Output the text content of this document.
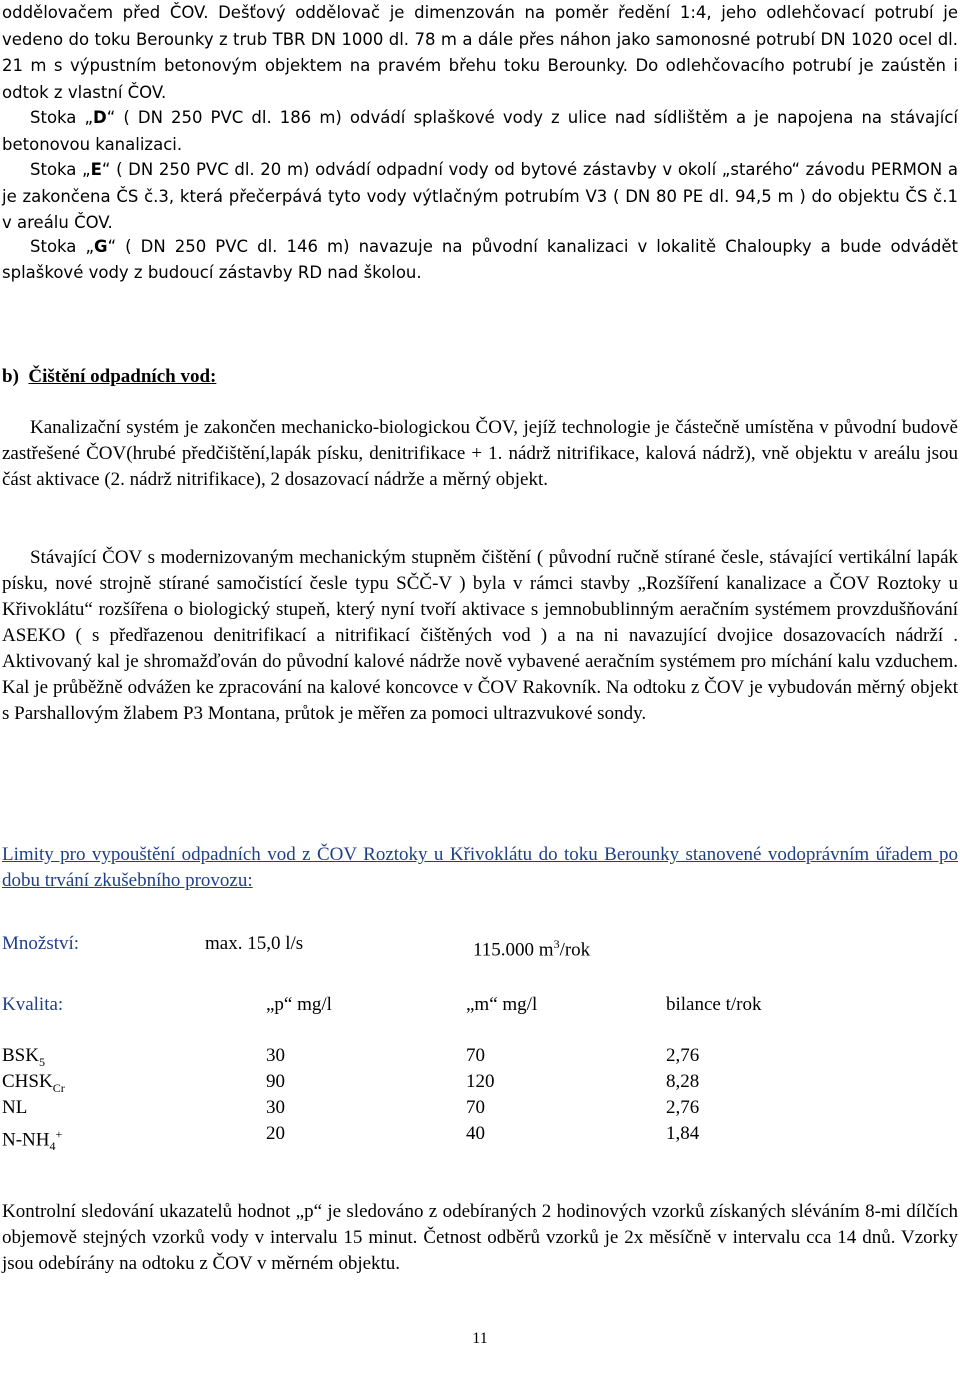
oddělovačem před ČOV. Dešťový oddělovač je dimenzován na poměr ředění 1:4, jeho odlehčovací potrubí je vedeno do toku Berounky z trub TBR DN 1000 dl. 78 m a dále přes náhon jako samonosné potrubí DN 1020 ocel dl. 21 m s výpustním betonovým objektem na pravém břehu toku Berounky. Do odlehčovacího potrubí je zaústěn i odtok z vlastní ČOV.

Stoka „D“ ( DN 250 PVC dl. 186 m) odvádí splaškové vody z ulice nad sídlištěm a je napojena na stávající betonovou kanalizaci.

Stoka „E“ ( DN 250 PVC dl. 20 m) odvádí odpadní vody od bytové zástavby v okolí „starého“ závodu PERMON a je zakončena ČS č.3, která přečerpává tyto vody výtlačným potrubím V3 ( DN 80 PE dl. 94,5 m ) do objektu ČS č.1 v areálu ČOV.

Stoka „G“ ( DN 250 PVC dl. 146 m) navazuje na původní kanalizaci v lokalitě Chaloupky a bude odvádět splaškové vody z budoucí zástavby RD nad školou.

b) Čištění odpadních vod:

Kanalizační systém je zakončen mechanicko-biologickou ČOV, jejíž technologie je částečně umístěna v původní budově zastřešené ČOV(hrubé předčištění,lapák písku, denitrifikace + 1. nádrž nitrifikace, kalová nádrž), vně objektu v areálu jsou část aktivace (2. nádrž nitrifikace), 2 dosazovací nádrže a měrný objekt.

Stávající ČOV s modernizovaným mechanickým stupněm čištění ( původní ručně stírané česle, stávající vertikální lapák písku, nové strojně stírané samočistící česle typu SČČ-V ) byla v rámci stavby „Rozšíření kanalizace a ČOV Roztoky u Křivoklátu“ rozšířena o biologický stupeň, který nyní tvoří aktivace s jemnobublinným aeračním systémem provzdušňování ASEKO ( s předřazenou denitrifikací a nitrifikací čištěných vod ) a na ni navazující dvojice dosazovacích nádrží . Aktivovaný kal je shromažďován do původní kalové nádrže nově vybavené aeračním systémem pro míchání kalu vzduchem. Kal je průběžně odvážen ke zpracování na kalové koncovce v ČOV Rakovník. Na odtoku z ČOV je vybudován měrný objekt s Parshallovým žlabem P3 Montana, průtok je měřen za pomoci ultrazvukové sondy.

Limity pro vypouštění odpadních vod z ČOV Roztoky u Křivoklátu do toku Berounky stanovené vodoprávním úřadem po dobu trvání zkušebního provozu:

Množství:	max. 15,0 l/s	115.000 $m^3$/rok
Kvalita:	„p“ mg/l	„m“ mg/l	bilance t/rok
$BSK_5$	30	70	2,76
$CHSK_{Cr}$	90	120	8,28
NL	30	70	2,76
$N-NH_4^+$	20	40	1,84

Kontrolní sledování ukazatelů hodnot „p“ je sledováno z odebíraných 2 hodinových vzorků získaných sléváním 8-mi dílčích objemově stejných vzorků vody v intervalu 15 minut. Četnost odběrů vzorků je 2x měsíčně v intervalu cca 14 dnů. Vzorky jsou odebírány na odtoku z ČOV v měrném objektu.

11
